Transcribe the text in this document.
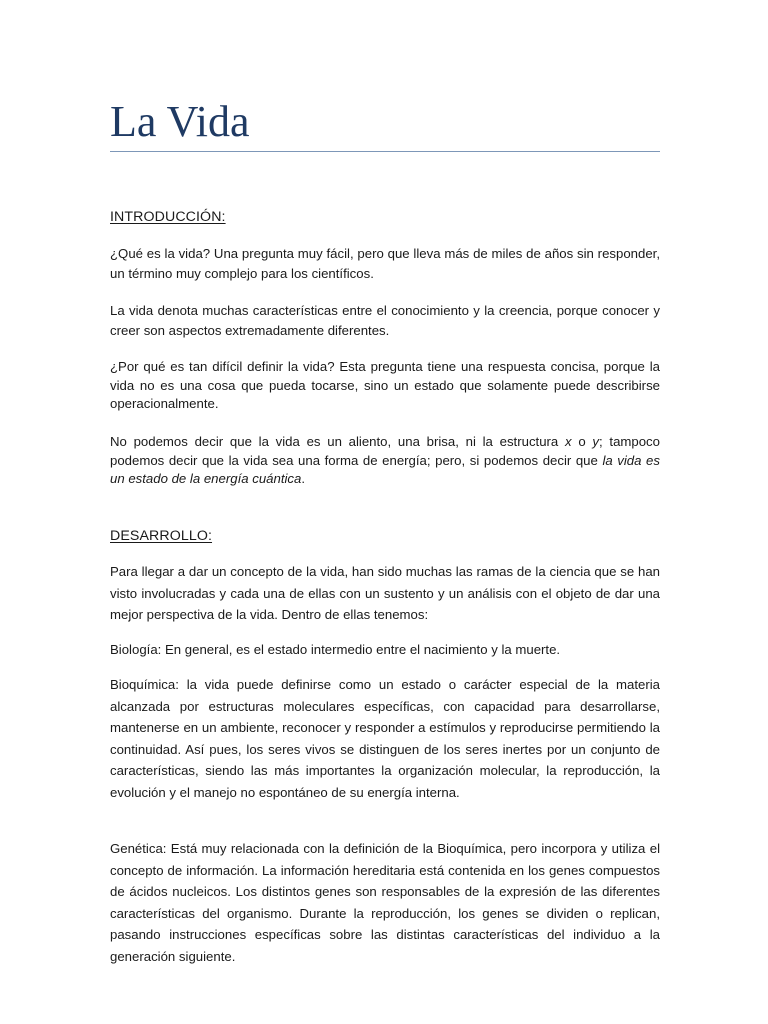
La Vida
INTRODUCCIÓN:

¿Qué es la vida? Una pregunta muy fácil, pero que lleva más de miles de años sin responder, un término muy complejo para los científicos.

La vida denota muchas características entre el conocimiento y la creencia, porque conocer y creer son aspectos extremadamente diferentes.

¿Por qué es tan difícil definir la vida? Esta pregunta tiene una respuesta concisa, porque la vida no es una cosa que pueda tocarse, sino un estado que solamente puede describirse operacionalmente.

No podemos decir que la vida es un aliento, una brisa, ni la estructura x o y; tampoco podemos decir que la vida sea una forma de energía; pero, si podemos decir que la vida es un estado de la energía cuántica.

DESARROLLO:

Para llegar a dar un concepto de la vida, han sido muchas las ramas de la ciencia que se han visto involucradas y cada una de ellas con un sustento y un análisis con el objeto de dar una mejor perspectiva de la vida. Dentro de ellas tenemos:

Biología: En general, es el estado intermedio entre el nacimiento y la muerte.

Bioquímica: la vida puede definirse como un estado o carácter especial de la materia alcanzada por estructuras moleculares específicas, con capacidad para desarrollarse, mantenerse en un ambiente, reconocer y responder a estímulos y reproducirse permitiendo la continuidad. Así pues, los seres vivos se distinguen de los seres inertes por un conjunto de características, siendo las más importantes la organización molecular, la reproducción, la evolución y el manejo no espontáneo de su energía interna.

Genética: Está muy relacionada con la definición de la Bioquímica, pero incorpora y utiliza el concepto de información. La información hereditaria está contenida en los genes compuestos de ácidos nucleicos. Los distintos genes son responsables de la expresión de las diferentes características del organismo. Durante la reproducción, los genes se dividen o replican, pasando instrucciones específicas sobre las distintas características del individuo a la generación siguiente.
